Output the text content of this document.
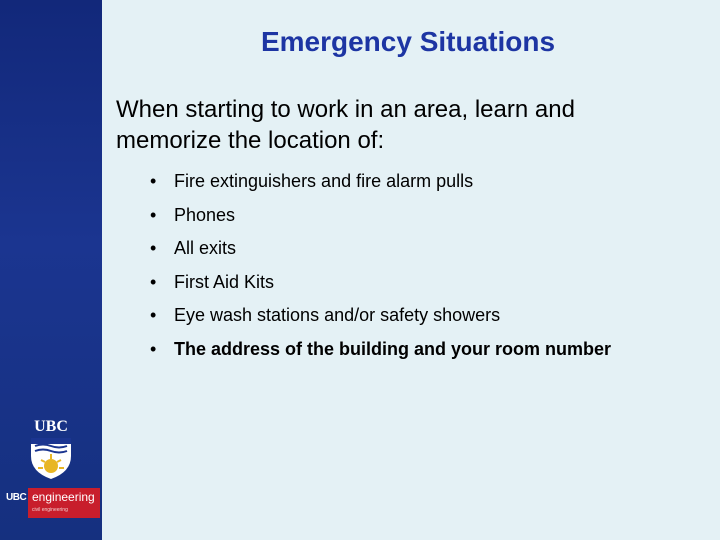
UBC
UBC engineering
civil engineering
Emergency Situations

When starting to work in an area, learn and memorize the location of:

• Fire extinguishers and fire alarm pulls
• Phones
• All exits
• First Aid Kits
• Eye wash stations and/or safety showers
• The address of the building and your room number
